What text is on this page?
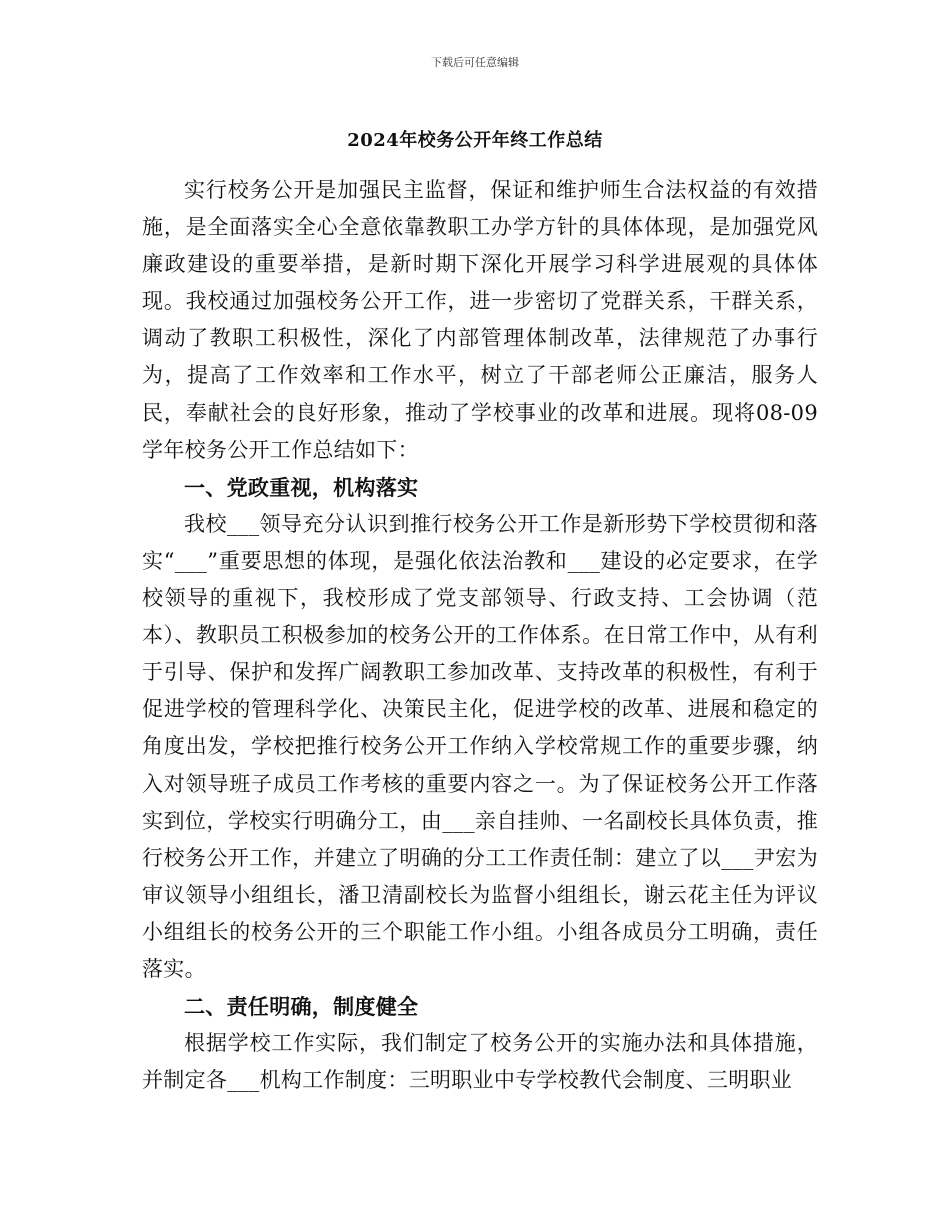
下载后可任意编辑
2024年校务公开年终工作总结

实行校务公开是加强民主监督，保证和维护师生合法权益的有效措施，是全面落实全心全意依靠教职工办学方针的具体体现，是加强党风廉政建设的重要举措，是新时期下深化开展学习科学进展观的具体体现。我校通过加强校务公开工作，进一步密切了党群关系，干群关系，调动了教职工积极性，深化了内部管理体制改革，法律规范了办事行为，提高了工作效率和工作水平，树立了干部老师公正廉洁，服务人民，奉献社会的良好形象，推动了学校事业的改革和进展。现将08-09学年校务公开工作总结如下：

一、党政重视，机构落实

我校___领导充分认识到推行校务公开工作是新形势下学校贯彻和落实“___”重要思想的体现，是强化依法治教和___建设的必定要求，在学校领导的重视下，我校形成了党支部领导、行政支持、工会协调（范本）、教职员工积极参加的校务公开的工作体系。在日常工作中，从有利于引导、保护和发挥广阔教职工参加改革、支持改革的积极性，有利于促进学校的管理科学化、决策民主化，促进学校的改革、进展和稳定的角度出发，学校把推行校务公开工作纳入学校常规工作的重要步骤，纳入对领导班子成员工作考核的重要内容之一。为了保证校务公开工作落实到位，学校实行明确分工，由___亲自挂帅、一名副校长具体负责，推行校务公开工作，并建立了明确的分工工作责任制：建立了以___尹宏为审议领导小组组长，潘卫清副校长为监督小组组长，谢云花主任为评议小组组长的校务公开的三个职能工作小组。小组各成员分工明确，责任落实。

二、责任明确，制度健全

根据学校工作实际，我们制定了校务公开的实施办法和具体措施，并制定各___机构工作制度：三明职业中专学校教代会制度、三明职业
